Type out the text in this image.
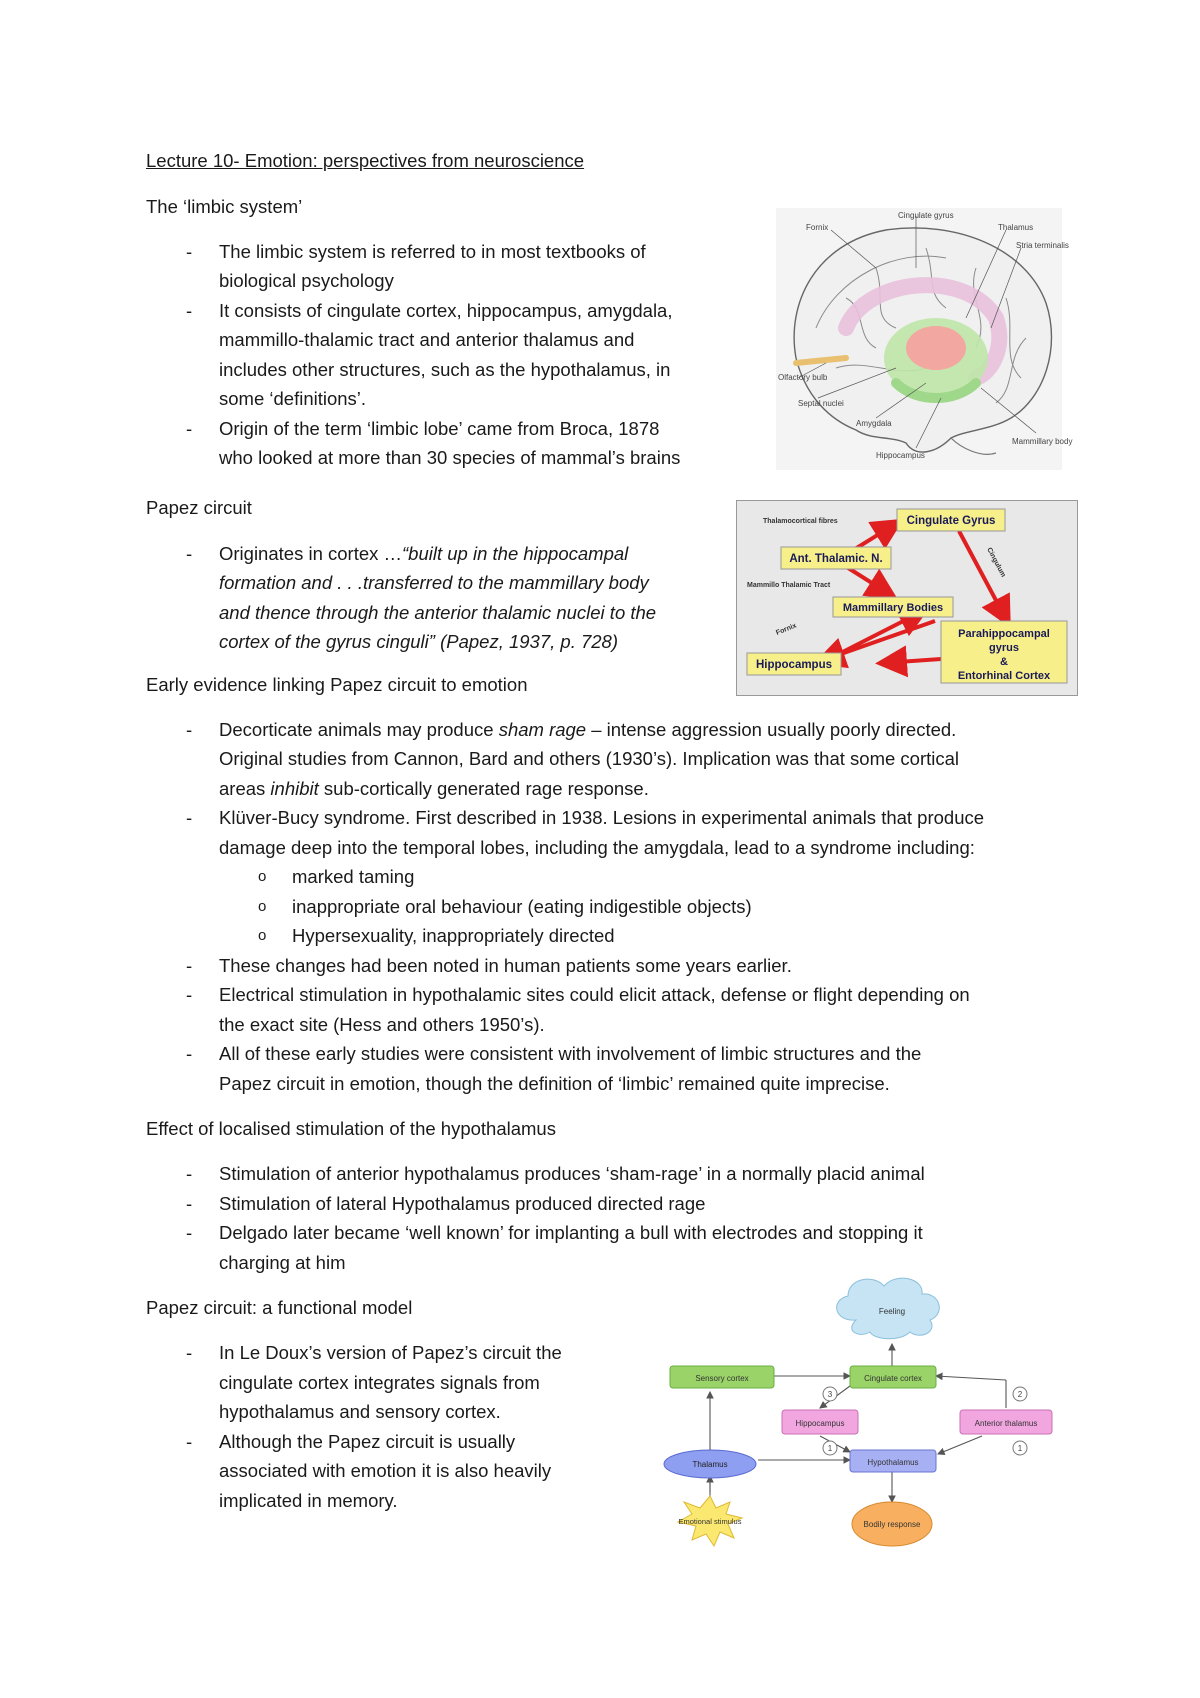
Lecture 10- Emotion: perspectives from neuroscience
The ‘limbic system’
- The limbic system is referred to in most textbooks of
biological psychology
- It consists of cingulate cortex, hippocampus, amygdala,
mammillo-thalamic tract and anterior thalamus and
includes other structures, such as the hypothalamus, in
some ‘definitions’.
- Origin of the term ‘limbic lobe’ came from Broca, 1878
who looked at more than 30 species of mammal’s brains
Cingulate gyrus
Fornix	Thalamus
Stria terminalis
Olfactory bulb
Septal nuclei
Amygdala
Hippocampus
Mammillary body
Papez circuit
- Originates in cortex …“built up in the hippocampal
formation and . . .transferred to the mammillary body
and thence through the anterior thalamic nuclei to the
cortex of the gyrus cinguli” (Papez, 1937, p. 728)
Cingulate Gyrus
Ant. Thalamic. N.
Mammillary Bodies
Parahippocampal
gyrus
&
Entorhinal Cortex
Hippocampus
Thalamocortical fibres
Mammillo Thalamic Tract
Fornix
Cingulum
Early evidence linking Papez circuit to emotion
- Decorticate animals may produce sham rage – intense aggression usually poorly directed.
Original studies from Cannon, Bard and others (1930’s). Implication was that some cortical
areas inhibit sub-cortically generated rage response.
- Klüver-Bucy syndrome. First described in 1938. Lesions in experimental animals that produce
damage deep into the temporal lobes, including the amygdala, lead to a syndrome including:
o marked taming
o inappropriate oral behaviour (eating indigestible objects)
o Hypersexuality, inappropriately directed
- These changes had been noted in human patients some years earlier.
- Electrical stimulation in hypothalamic sites could elicit attack, defense or flight depending on
the exact site (Hess and others 1950’s).
- All of these early studies were consistent with involvement of limbic structures and the
Papez circuit in emotion, though the definition of ‘limbic’ remained quite imprecise.
Effect of localised stimulation of the hypothalamus
- Stimulation of anterior hypothalamus produces ‘sham-rage’ in a normally placid animal
- Stimulation of lateral Hypothalamus produced directed rage
- Delgado later became ‘well known’ for implanting a bull with electrodes and stopping it
charging at him
Papez circuit: a functional model
- In Le Doux’s version of Papez’s circuit the
cingulate cortex integrates signals from
hypothalamus and sensory cortex.
- Although the Papez circuit is usually
associated with emotion it is also heavily
implicated in memory.
Feeling
Sensory cortex	Cingulate cortex
Hippocampus	Anterior thalamus
Thalamus	Hypothalamus
Emotional stimulus	Bodily response
3
1
2
1
